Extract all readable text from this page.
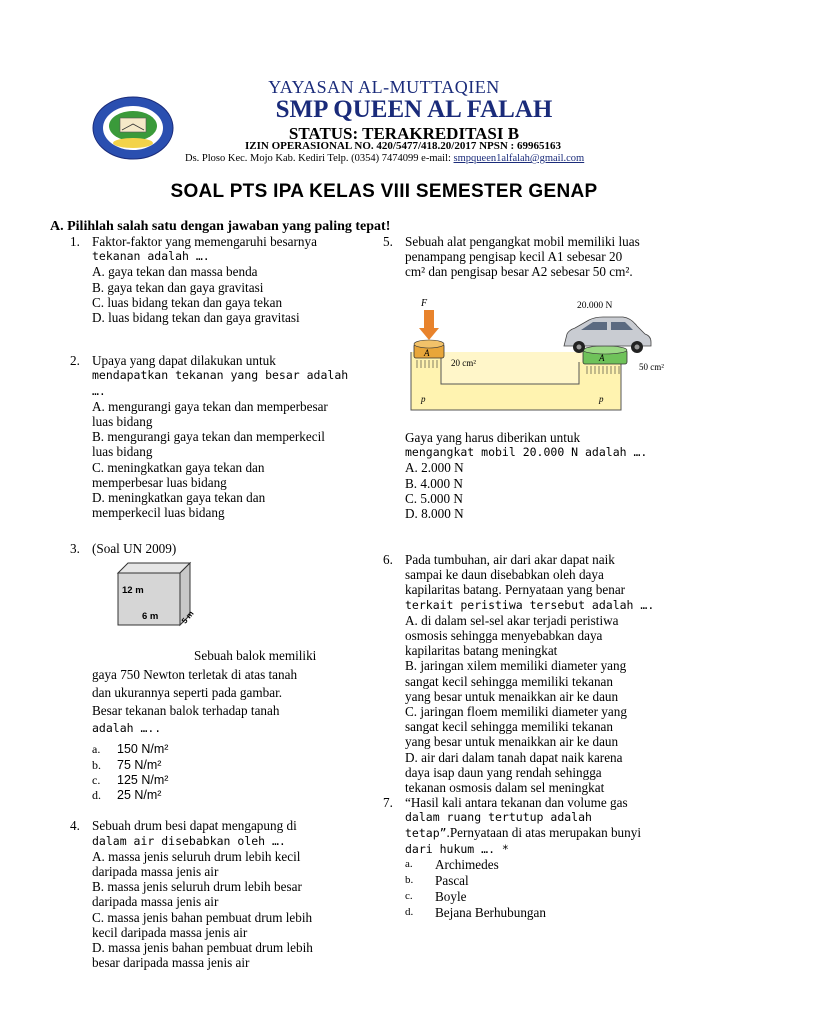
YAYASAN AL-MUTTAQIEN
SMP QUEEN AL FALAH
STATUS: TERAKREDITASI B
IZIN OPERASIONAL NO. 420/5477/418.20/2017 NPSN : 69965163
Ds. Ploso Kec. Mojo Kab. Kediri Telp. (0354) 7474099 e-mail: smpqueen1alfalah@gmail.com
SOAL PTS IPA KELAS VIII SEMESTER GENAP
A. Pilihlah salah satu dengan jawaban yang paling tepat!
1. Faktor-faktor yang memengaruhi besarnya

tekanan adalah ….

A. gaya tekan dan massa benda

B. gaya tekan dan gaya gravitasi

C. luas bidang tekan dan gaya tekan

D. luas bidang tekan dan gaya gravitasi

2. Upaya yang dapat dilakukan untuk

mendapatkan tekanan yang besar adalah ….

A. mengurangi gaya tekan dan memperbesar

luas bidang

B. mengurangi gaya tekan dan memperkecil

luas bidang

C. meningkatkan gaya tekan dan

memperbesar luas bidang

D. meningkatkan gaya tekan dan

memperkecil luas bidang

3. (Soal UN 2009)

12 m
6 m	5 m

Sebuah balok memiliki

gaya 750 Newton terletak di atas tanah

dan ukurannya seperti pada gambar.

Besar tekanan balok terhadap tanah

adalah …..

a. 150 N/m²
b. 75 N/m²
c. 125 N/m²
d. 25 N/m²
4. Sebuah drum besi dapat mengapung di

dalam air disebabkan oleh ….

A. massa jenis seluruh drum lebih kecil

daripada massa jenis air

B. massa jenis seluruh drum lebih besar

daripada massa jenis air

C. massa jenis bahan pembuat drum lebih

kecil daripada massa jenis air

D. massa jenis bahan pembuat drum lebih

besar daripada massa jenis air

5. Sebuah alat pengangkat mobil memiliki luas

penampang pengisap kecil A1 sebesar 20

cm² dan pengisap besar A2 sebesar 50 cm².

A
F
20 cm²	A
50 cm²
20.000 N
p	p

Gaya yang harus diberikan untuk

mengangkat mobil 20.000 N adalah ….

A. 2.000 N

B. 4.000 N

C. 5.000 N

D. 8.000 N

6. Pada tumbuhan, air dari akar dapat naik

sampai ke daun disebabkan oleh daya

kapilaritas batang. Pernyataan yang benar

terkait peristiwa tersebut adalah ….

A. di dalam sel-sel akar terjadi peristiwa

osmosis sehingga menyebabkan daya

kapilaritas batang meningkat

B. jaringan xilem memiliki diameter yang

sangat kecil sehingga memiliki tekanan

yang besar untuk menaikkan air ke daun

C. jaringan floem memiliki diameter yang

sangat kecil sehingga memiliki tekanan

yang besar untuk menaikkan air ke daun

D. air dari dalam tanah dapat naik karena

daya isap daun yang rendah sehingga

tekanan osmosis dalam sel meningkat

7. “Hasil kali antara tekanan dan volume gas

dalam ruang tertutup adalah

tetap”.Pernyataan di atas merupakan bunyi

dari hukum …. *

a. Archimedes
b. Pascal
c. Boyle
d. Bejana Berhubungan
